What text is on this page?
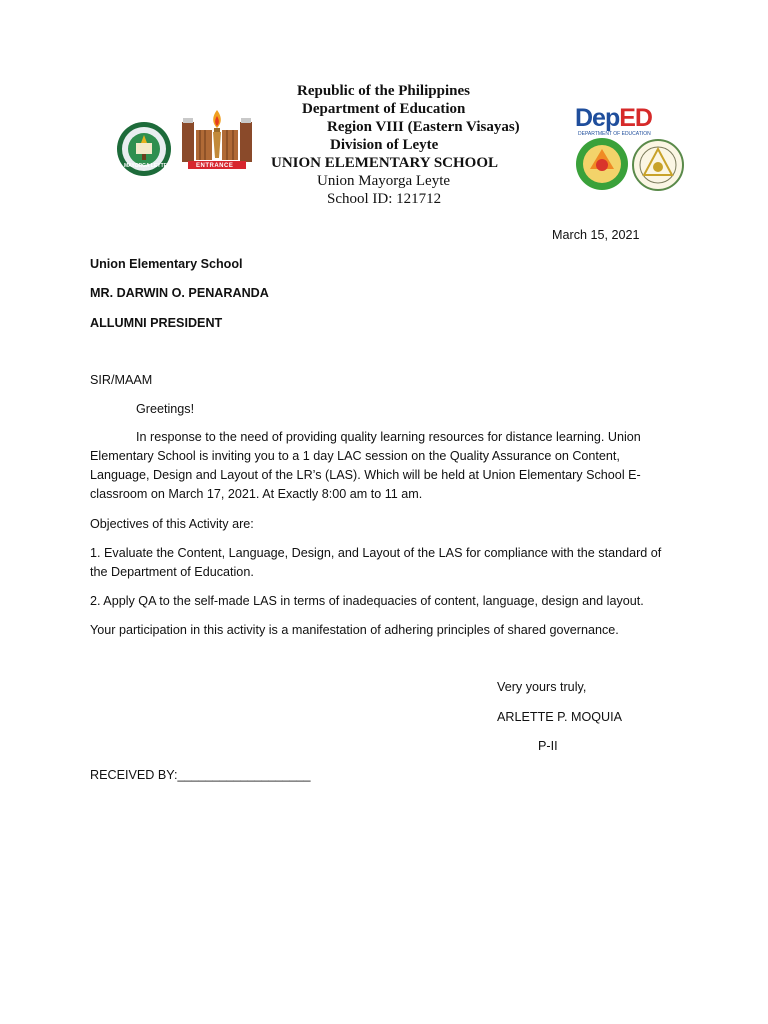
MAYORGA LEYTE	ENTRANCE
DepED
DEPARTMENT OF EDUCATION
Republic of the Philippines
Department of Education
Region VIII (Eastern Visayas)
Division of Leyte
UNION ELEMENTARY SCHOOL
Union Mayorga Leyte
School ID: 121712
March 15, 2021
Union Elementary School
MR. DARWIN O. PENARANDA
ALLUMNI PRESIDENT
SIR/MAAM
Greetings!
In response to the need of providing quality learning resources for distance learning. Union Elementary School is inviting you to a 1 day LAC session on the Quality Assurance on Content, Language, Design and Layout of the LR’s (LAS). Which will be held at Union Elementary School E-classroom on March 17, 2021. At Exactly 8:00 am to 11 am.
Objectives of this Activity are:
1. Evaluate the Content, Language, Design, and Layout of the LAS for compliance with the standard of the Department of Education.
2. Apply QA to the self-made LAS in terms of inadequacies of content, language, design and layout.
Your participation in this activity is a manifestation of adhering principles of shared governance.
Very yours truly,
ARLETTE P. MOQUIA
P-II
RECEIVED BY:___________________
